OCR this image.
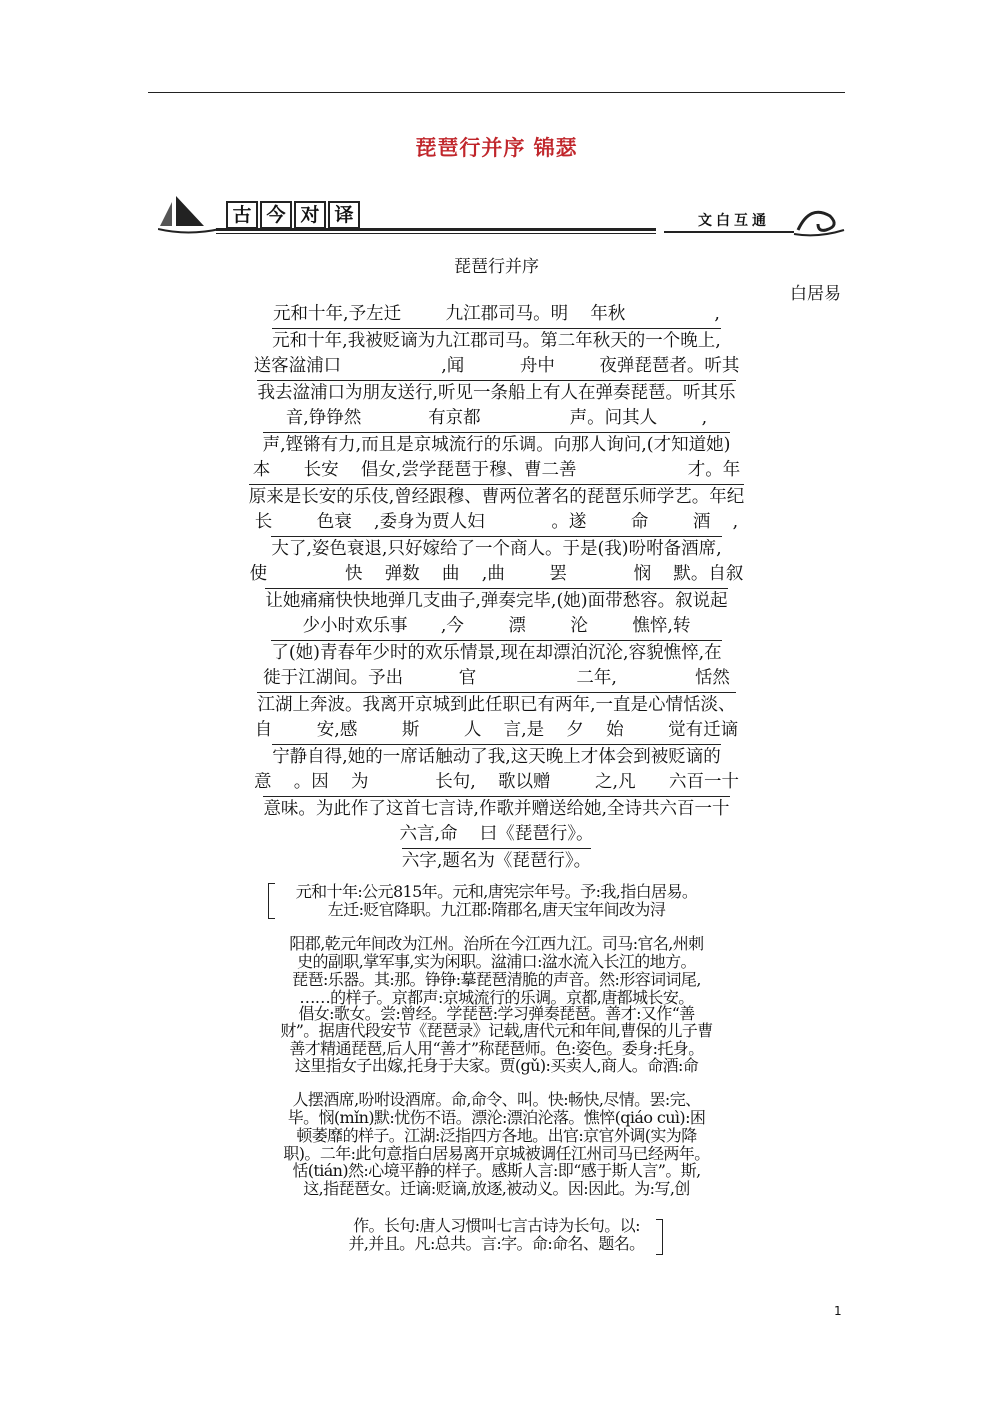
琵琶行并序 锦瑟
古 今 对 译	文白互通
琵琶行并序
白居易
元和十年,予左迁        九江郡司马。明    年秋                ,
元和十年,我被贬谪为九江郡司马。第二年秋天的一个晚上,
送客湓浦口                  ,闻          舟中        夜弹琵琶者。听其
我去湓浦口为朋友送行,听见一条船上有人在弹奏琵琶。听其乐
音,铮铮然            有京都                声。问其人        ,
声,铿锵有力,而且是京城流行的乐调。向那人询问,(才知道她)
本      长安    倡女,尝学琵琶于穆、曹二善                    才。年
原来是长安的乐伎,曾经跟穆、曹两位著名的琵琶乐师学艺。年纪
长        色衰    ,委身为贾人妇            。遂        命        酒    ,
大了,姿色衰退,只好嫁给了一个商人。于是(我)吩咐备酒席,
使              快    弹数    曲    ,曲        罢            悯    默。自叙
让她痛痛快快地弹几支曲子,弹奏完毕,(她)面带愁容。叙说起
少小时欢乐事      ,今        漂        沦        憔悴,转
了(她)青春年少时的欢乐情景,现在却漂泊沉沦,容貌憔悴,在
徙于江湖间。予出          官                  二年,              恬然
江湖上奔波。我离开京城到此任职已有两年,一直是心情恬淡、
自        安,感        斯        人    言,是    夕    始        觉有迁谪
宁静自得,她的一席话触动了我,这天晚上才体会到被贬谪的
意    。因    为            长句,    歌以赠        之,凡      六百一十
意味。为此作了这首七言诗,作歌并赠送给她,全诗共六百一十
六言,命    曰《琵琶行》。
六字,题名为《琵琶行》。
元和十年:公元815年。元和,唐宪宗年号。予:我,指白居易。
左迁:贬官降职。九江郡:隋郡名,唐天宝年间改为浔
阳郡,乾元年间改为江州。治所在今江西九江。司马:官名,州刺
史的副职,掌军事,实为闲职。湓浦口:湓水流入长江的地方。
琵琶:乐器。其:那。铮铮:摹琵琶清脆的声音。然:形容词词尾,
……的样子。京都声:京城流行的乐调。京都,唐都城长安。
倡女:歌女。尝:曾经。学琵琶:学习弹奏琵琶。善才:又作“善
财”。据唐代段安节《琵琶录》记载,唐代元和年间,曹保的儿子曹
善才精通琵琶,后人用“善才”称琵琶师。色:姿色。委身:托身。
这里指女子出嫁,托身于夫家。贾(gǔ):买卖人,商人。命酒:命
人摆酒席,吩咐设酒席。命,命令、叫。快:畅快,尽情。罢:完、
毕。悯(mǐn)默:忧伤不语。漂沦:漂泊沦落。憔悴(qiáo cuì):困
顿萎靡的样子。江湖:泛指四方各地。出官:京官外调(实为降
职)。二年:此句意指白居易离开京城被调任江州司马已经两年。
恬(tián)然:心境平静的样子。感斯人言:即“感于斯人言”。斯,
这,指琵琶女。迁谪:贬谪,放逐,被动义。因:因此。为:写,创
作。长句:唐人习惯叫七言古诗为长句。以:
并,并且。凡:总共。言:字。命:命名、题名。
1
